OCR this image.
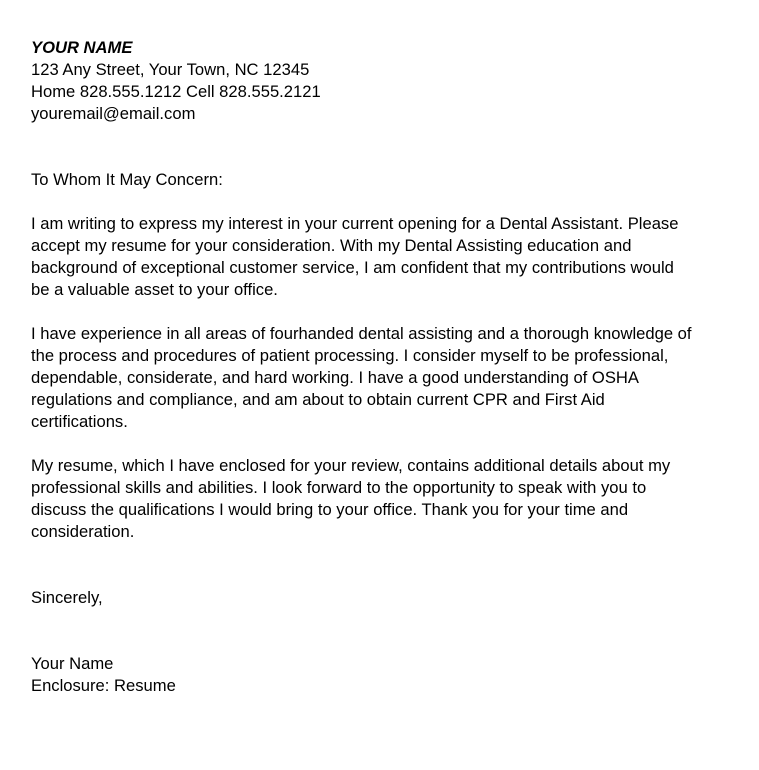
YOUR NAME

123 Any Street, Your Town, NC 12345

Home 828.555.1212 Cell 828.555.2121

youremail@email.com

To Whom It May Concern:

I am writing to express my interest in your current opening for a Dental Assistant. Please
accept my resume for your consideration. With my Dental Assisting education and
background of exceptional customer service, I am confident that my contributions would
be a valuable asset to your office.
I have experience in all areas of fourhanded dental assisting and a thorough knowledge of
the process and procedures of patient processing. I consider myself to be professional,
dependable, considerate, and hard working. I have a good understanding of OSHA
regulations and compliance, and am about to obtain current CPR and First Aid
certifications.
My resume, which I have enclosed for your review, contains additional details about my
professional skills and abilities. I look forward to the opportunity to speak with you to
discuss the qualifications I would bring to your office. Thank you for your time and
consideration.

Sincerely,

Your Name

Enclosure: Resume
